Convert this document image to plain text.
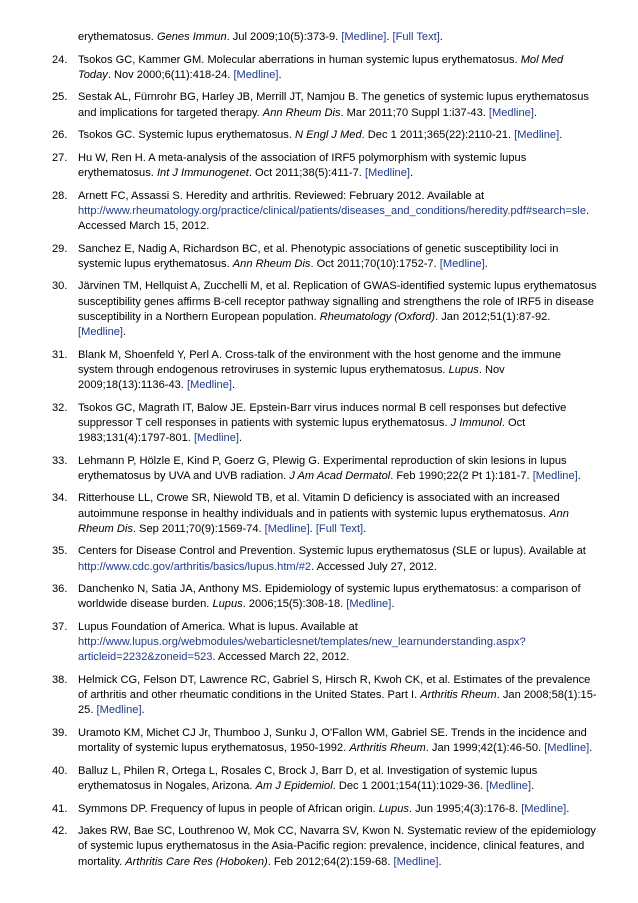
erythematosus. Genes Immun. Jul 2009;10(5):373-9. [Medline]. [Full Text].
24. Tsokos GC, Kammer GM. Molecular aberrations in human systemic lupus erythematosus. Mol Med Today. Nov 2000;6(11):418-24. [Medline].
25. Sestak AL, Fürnrohr BG, Harley JB, Merrill JT, Namjou B. The genetics of systemic lupus erythematosus and implications for targeted therapy. Ann Rheum Dis. Mar 2011;70 Suppl 1:i37-43. [Medline].
26. Tsokos GC. Systemic lupus erythematosus. N Engl J Med. Dec 1 2011;365(22):2110-21. [Medline].
27. Hu W, Ren H. A meta-analysis of the association of IRF5 polymorphism with systemic lupus erythematosus. Int J Immunogenet. Oct 2011;38(5):411-7. [Medline].
28. Arnett FC, Assassi S. Heredity and arthritis. Reviewed: February 2012. Available at http://www.rheumatology.org/practice/clinical/patients/diseases_and_conditions/heredity.pdf#search=sle. Accessed March 15, 2012.
29. Sanchez E, Nadig A, Richardson BC, et al. Phenotypic associations of genetic susceptibility loci in systemic lupus erythematosus. Ann Rheum Dis. Oct 2011;70(10):1752-7. [Medline].
30. Järvinen TM, Hellquist A, Zucchelli M, et al. Replication of GWAS-identified systemic lupus erythematosus susceptibility genes affirms B-cell receptor pathway signalling and strengthens the role of IRF5 in disease susceptibility in a Northern European population. Rheumatology (Oxford). Jan 2012;51(1):87-92. [Medline].
31. Blank M, Shoenfeld Y, Perl A. Cross-talk of the environment with the host genome and the immune system through endogenous retroviruses in systemic lupus erythematosus. Lupus. Nov 2009;18(13):1136-43. [Medline].
32. Tsokos GC, Magrath IT, Balow JE. Epstein-Barr virus induces normal B cell responses but defective suppressor T cell responses in patients with systemic lupus erythematosus. J Immunol. Oct 1983;131(4):1797-801. [Medline].
33. Lehmann P, Hölzle E, Kind P, Goerz G, Plewig G. Experimental reproduction of skin lesions in lupus erythematosus by UVA and UVB radiation. J Am Acad Dermatol. Feb 1990;22(2 Pt 1):181-7. [Medline].
34. Ritterhouse LL, Crowe SR, Niewold TB, et al. Vitamin D deficiency is associated with an increased autoimmune response in healthy individuals and in patients with systemic lupus erythematosus. Ann Rheum Dis. Sep 2011;70(9):1569-74. [Medline]. [Full Text].
35. Centers for Disease Control and Prevention. Systemic lupus erythematosus (SLE or lupus). Available at http://www.cdc.gov/arthritis/basics/lupus.htm/#2. Accessed July 27, 2012.
36. Danchenko N, Satia JA, Anthony MS. Epidemiology of systemic lupus erythematosus: a comparison of worldwide disease burden. Lupus. 2006;15(5):308-18. [Medline].
37. Lupus Foundation of America. What is lupus. Available at http://www.lupus.org/webmodules/webarticlesnet/templates/new_learnunderstanding.aspx?articleid=2232&zoneid=523. Accessed March 22, 2012.
38. Helmick CG, Felson DT, Lawrence RC, Gabriel S, Hirsch R, Kwoh CK, et al. Estimates of the prevalence of arthritis and other rheumatic conditions in the United States. Part I. Arthritis Rheum. Jan 2008;58(1):15-25. [Medline].
39. Uramoto KM, Michet CJ Jr, Thumboo J, Sunku J, O'Fallon WM, Gabriel SE. Trends in the incidence and mortality of systemic lupus erythematosus, 1950-1992. Arthritis Rheum. Jan 1999;42(1):46-50. [Medline].
40. Balluz L, Philen R, Ortega L, Rosales C, Brock J, Barr D, et al. Investigation of systemic lupus erythematosus in Nogales, Arizona. Am J Epidemiol. Dec 1 2001;154(11):1029-36. [Medline].
41. Symmons DP. Frequency of lupus in people of African origin. Lupus. Jun 1995;4(3):176-8. [Medline].
42. Jakes RW, Bae SC, Louthrenoo W, Mok CC, Navarra SV, Kwon N. Systematic review of the epidemiology of systemic lupus erythematosus in the Asia-Pacific region: prevalence, incidence, clinical features, and mortality. Arthritis Care Res (Hoboken). Feb 2012;64(2):159-68. [Medline].
